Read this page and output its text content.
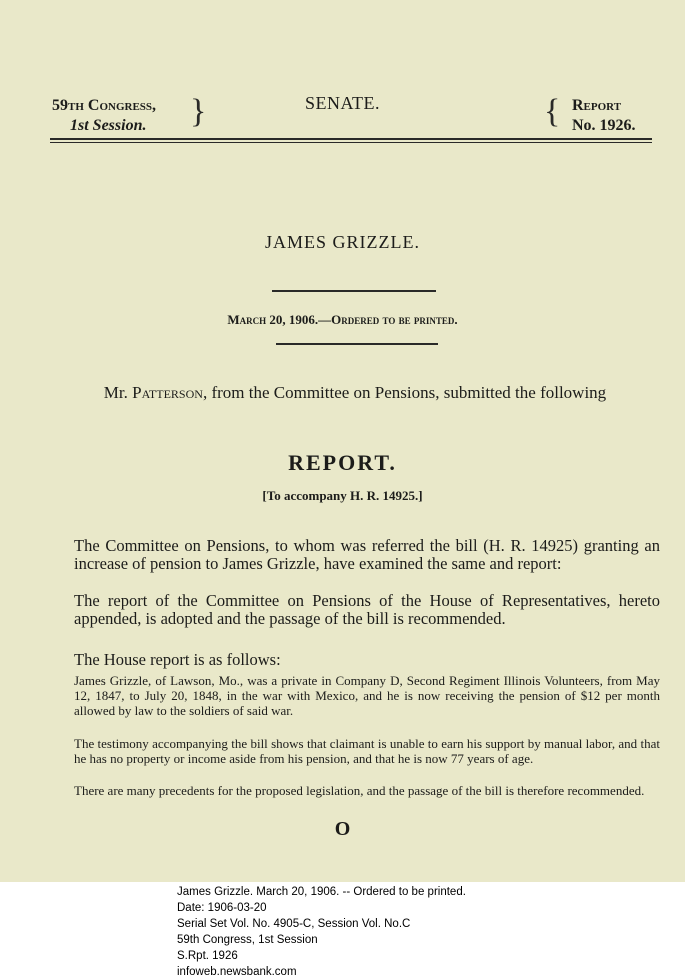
59th Congress,
1st Session. }	SENATE.	{ Report
No. 1926.
JAMES GRIZZLE.
March 20, 1906.—Ordered to be printed.
Mr. Patterson, from the Committee on Pensions, submitted the following
REPORT.
[To accompany H. R. 14925.]
The Committee on Pensions, to whom was referred the bill (H. R. 14925) granting an increase of pension to James Grizzle, have examined the same and report:
The report of the Committee on Pensions of the House of Representatives, hereto appended, is adopted and the passage of the bill is recommended.
The House report is as follows:
James Grizzle, of Lawson, Mo., was a private in Company D, Second Regiment Illinois Volunteers, from May 12, 1847, to July 20, 1848, in the war with Mexico, and he is now receiving the pension of $12 per month allowed by law to the soldiers of said war.
The testimony accompanying the bill shows that claimant is unable to earn his support by manual labor, and that he has no property or income aside from his pension, and that he is now 77 years of age.
There are many precedents for the proposed legislation, and the passage of the bill is therefore recommended.
O
James Grizzle. March 20, 1906. -- Ordered to be printed.
Date: 1906-03-20
Serial Set Vol. No. 4905-C, Session Vol. No.C
59th Congress, 1st Session
S.Rpt. 1926
infoweb.newsbank.com
